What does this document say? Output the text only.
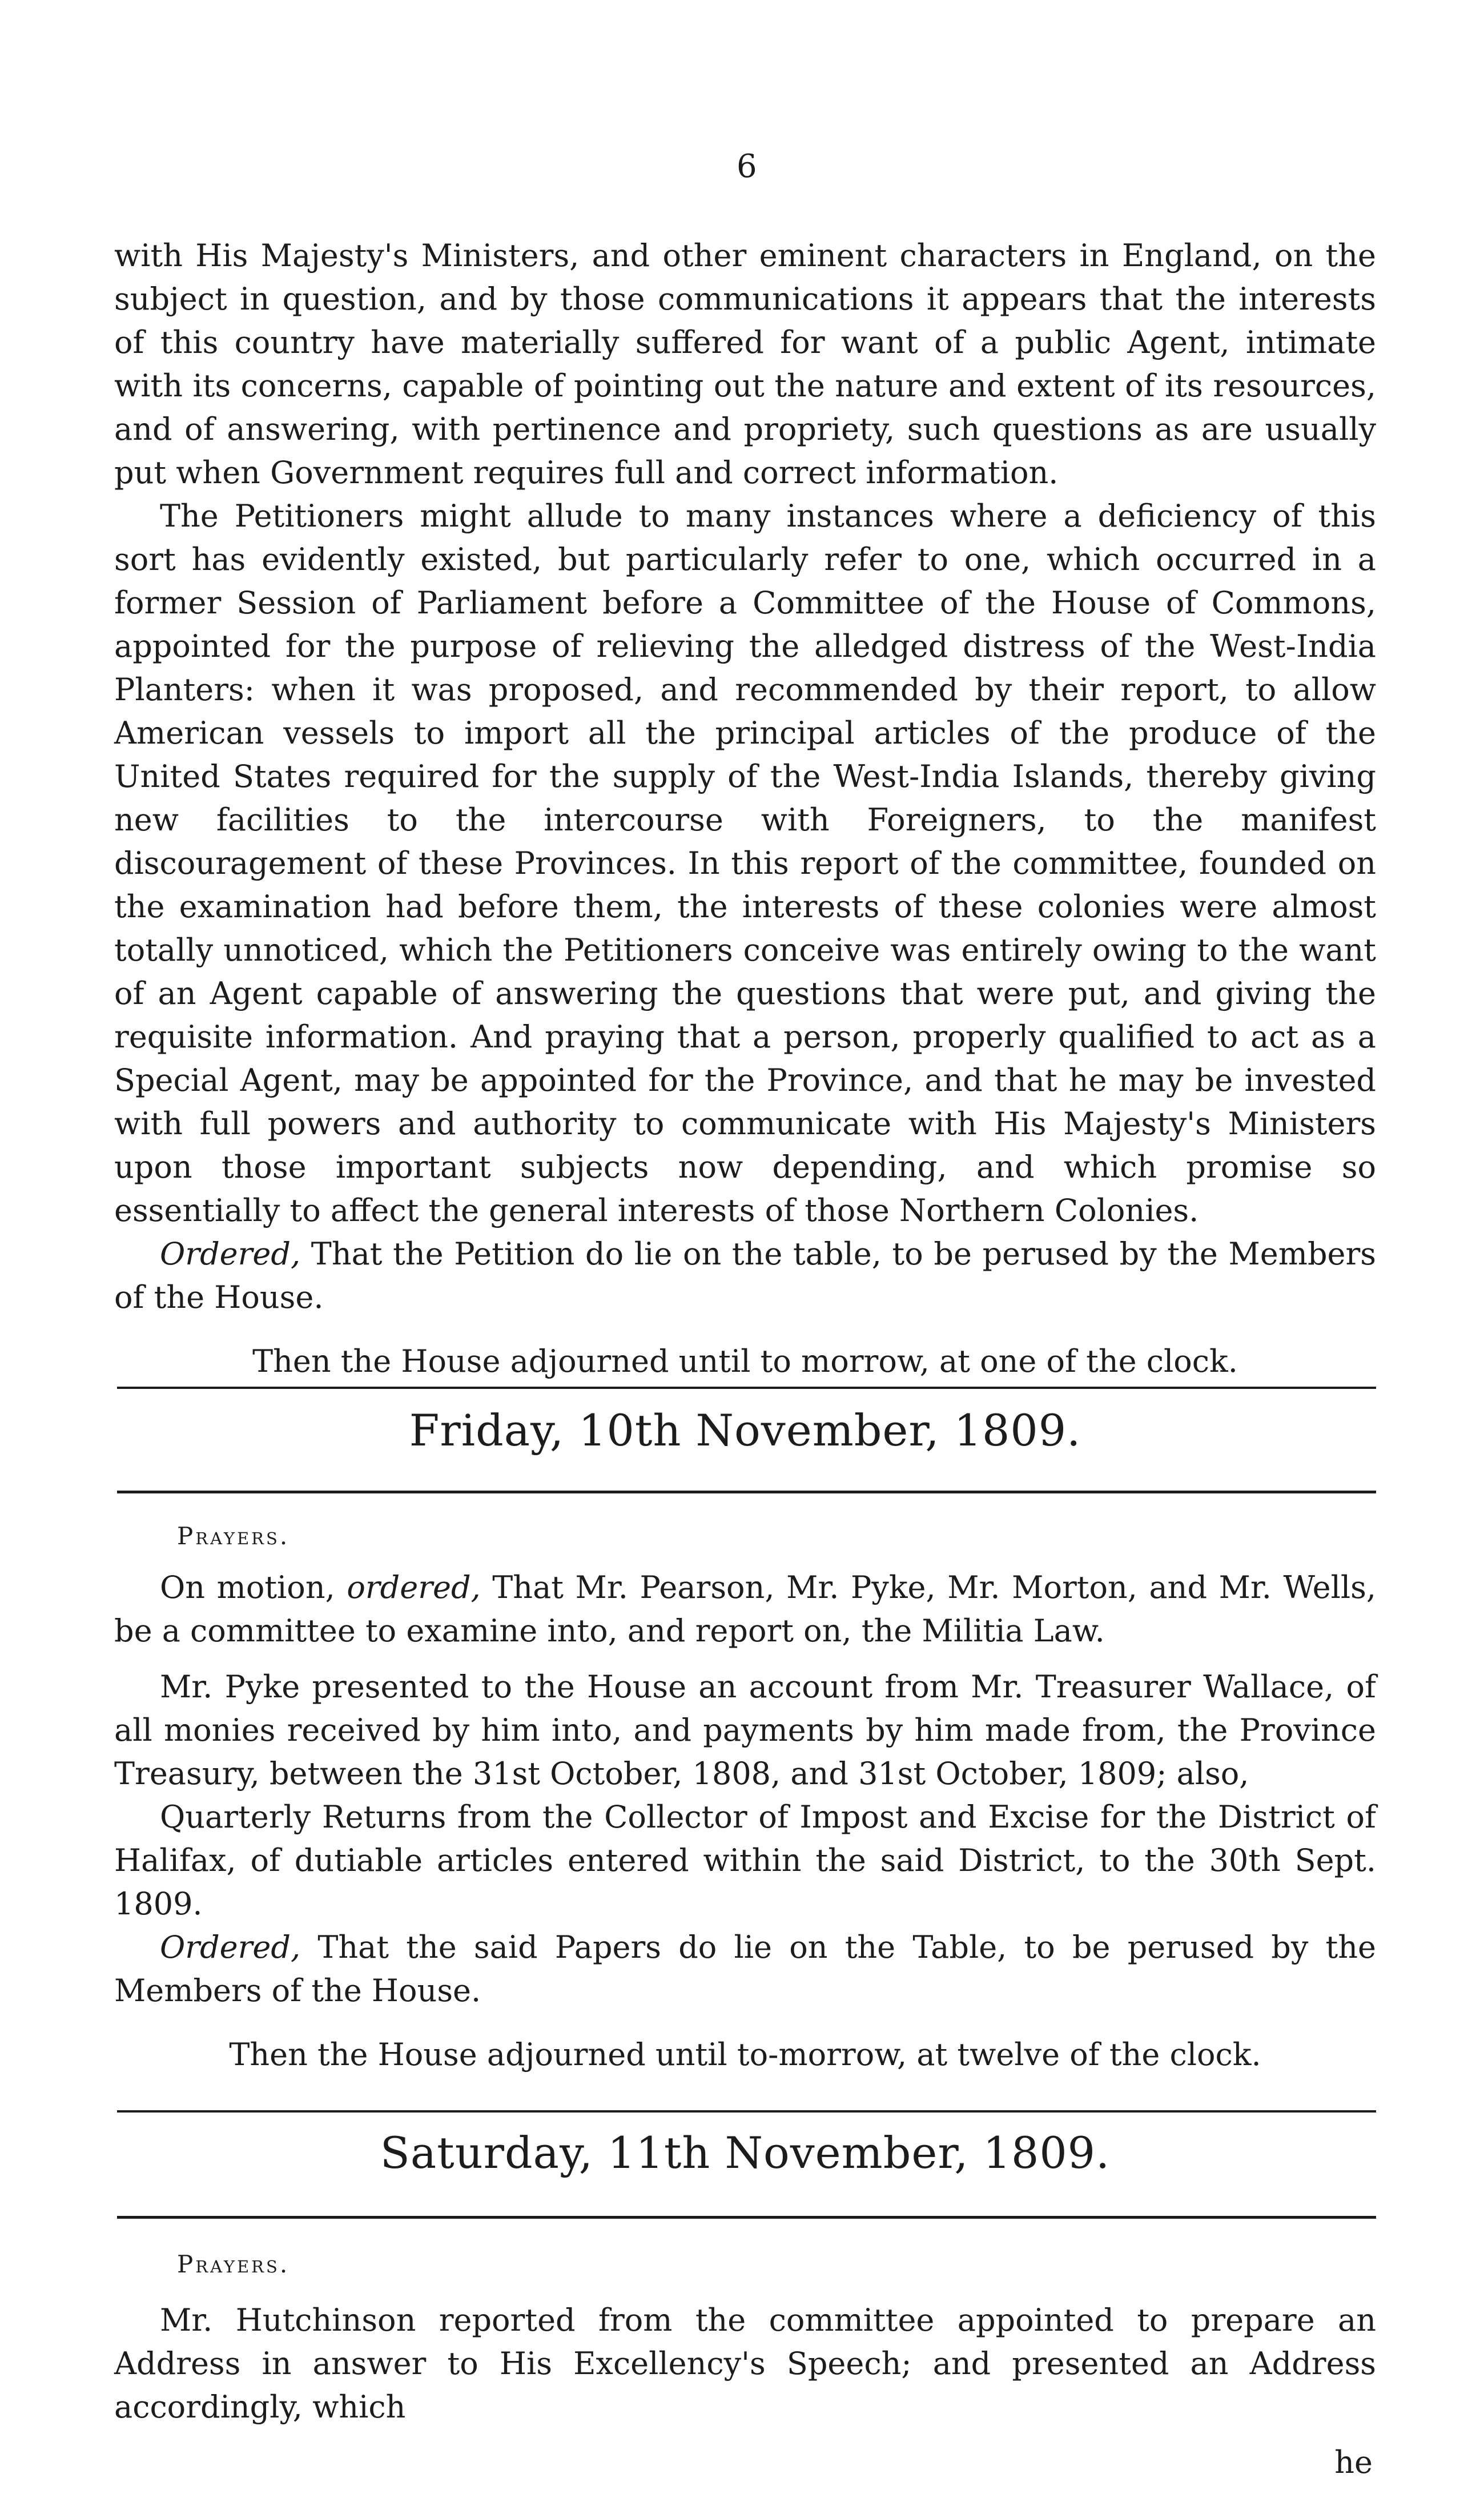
6

with His Majesty's Ministers, and other eminent characters in England, on the subject in question, and by those communications it appears that the interests of this country have materially suffered for want of a public Agent, intimate with its concerns, capable of pointing out the nature and extent of its resources, and of answering, with pertinence and propriety, such questions as are usually put when Government requires full and correct information.

The Petitioners might allude to many instances where a deficiency of this sort has evidently existed, but particularly refer to one, which occurred in a former Session of Parliament before a Committee of the House of Commons, appointed for the purpose of relieving the alledged distress of the West-India Planters: when it was proposed, and recommended by their report, to allow American vessels to import all the principal articles of the produce of the United States required for the supply of the West-India Islands, thereby giving new facilities to the intercourse with Foreigners, to the manifest discouragement of these Provinces. In this report of the committee, founded on the examination had before them, the interests of these colonies were almost totally unnoticed, which the Petitioners conceive was entirely owing to the want of an Agent capable of answering the questions that were put, and giving the requisite information. And praying that a person, properly qualified to act as a Special Agent, may be appointed for the Province, and that he may be invested with full powers and authority to communicate with His Majesty's Ministers upon those important subjects now depending, and which promise so essentially to affect the general interests of those Northern Colonies.

Ordered, That the Petition do lie on the table, to be perused by the Members of the House.

Then the House adjourned until to morrow, at one of the clock.
Friday, 10th November, 1809.
Prayers.

On motion, ordered, That Mr. Pearson, Mr. Pyke, Mr. Morton, and Mr. Wells, be a committee to examine into, and report on, the Militia Law.

Mr. Pyke presented to the House an account from Mr. Treasurer Wallace, of all monies received by him into, and payments by him made from, the Province Treasury, between the 31st October, 1808, and 31st October, 1809; also,

Quarterly Returns from the Collector of Impost and Excise for the District of Halifax, of dutiable articles entered within the said District, to the 30th Sept. 1809.

Ordered, That the said Papers do lie on the Table, to be perused by the Members of the House.

Then the House adjourned until to-morrow, at twelve of the clock.
Saturday, 11th November, 1809.
Prayers.

Mr. Hutchinson reported from the committee appointed to prepare an Address in answer to His Excellency's Speech; and presented an Address accordingly, which

he
